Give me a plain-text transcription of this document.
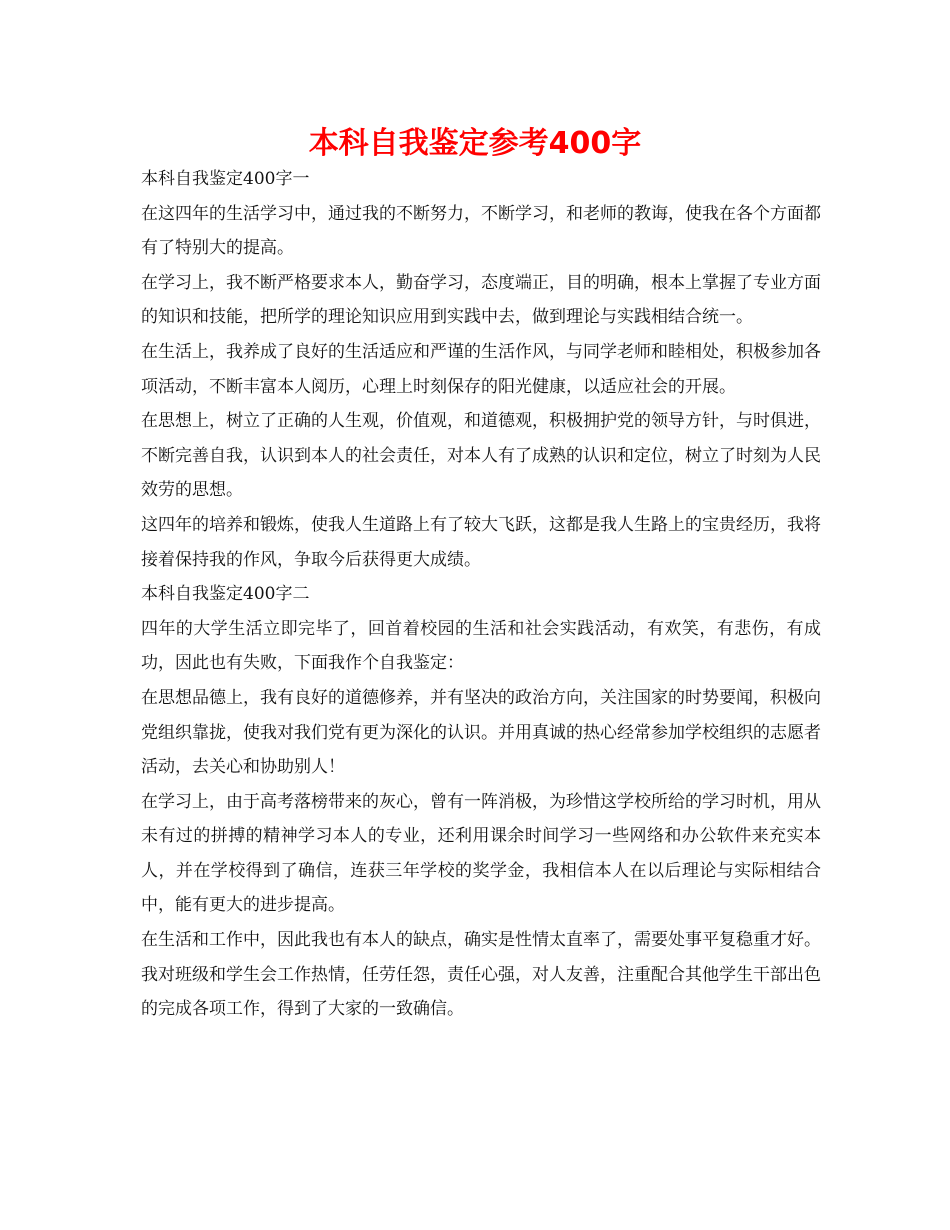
本科自我鉴定参考400字

本科自我鉴定400字一

在这四年的生活学习中，通过我的不断努力，不断学习，和老师的教诲，使我在各个方面都有了特别大的提高。

在学习上，我不断严格要求本人，勤奋学习，态度端正，目的明确，根本上掌握了专业方面的知识和技能，把所学的理论知识应用到实践中去，做到理论与实践相结合统一。

在生活上，我养成了良好的生活适应和严谨的生活作风，与同学老师和睦相处，积极参加各项活动，不断丰富本人阅历，心理上时刻保存的阳光健康，以适应社会的开展。

在思想上，树立了正确的人生观，价值观，和道德观，积极拥护党的领导方针，与时俱进，不断完善自我，认识到本人的社会责任，对本人有了成熟的认识和定位，树立了时刻为人民效劳的思想。

这四年的培养和锻炼，使我人生道路上有了较大飞跃，这都是我人生路上的宝贵经历，我将接着保持我的作风，争取今后获得更大成绩。

本科自我鉴定400字二

四年的大学生活立即完毕了，回首着校园的生活和社会实践活动，有欢笑，有悲伤，有成功，因此也有失败，下面我作个自我鉴定：

在思想品德上，我有良好的道德修养，并有坚决的政治方向，关注国家的时势要闻，积极向党组织靠拢，使我对我们党有更为深化的认识。并用真诚的热心经常参加学校组织的志愿者活动，去关心和协助别人！

在学习上，由于高考落榜带来的灰心，曾有一阵消极，为珍惜这学校所给的学习时机，用从未有过的拼搏的精神学习本人的专业，还利用课余时间学习一些网络和办公软件来充实本人，并在学校得到了确信，连获三年学校的奖学金，我相信本人在以后理论与实际相结合中，能有更大的进步提高。

在生活和工作中，因此我也有本人的缺点，确实是性情太直率了，需要处事平复稳重才好。我对班级和学生会工作热情，任劳任怨，责任心强，对人友善，注重配合其他学生干部出色的完成各项工作，得到了大家的一致确信。
